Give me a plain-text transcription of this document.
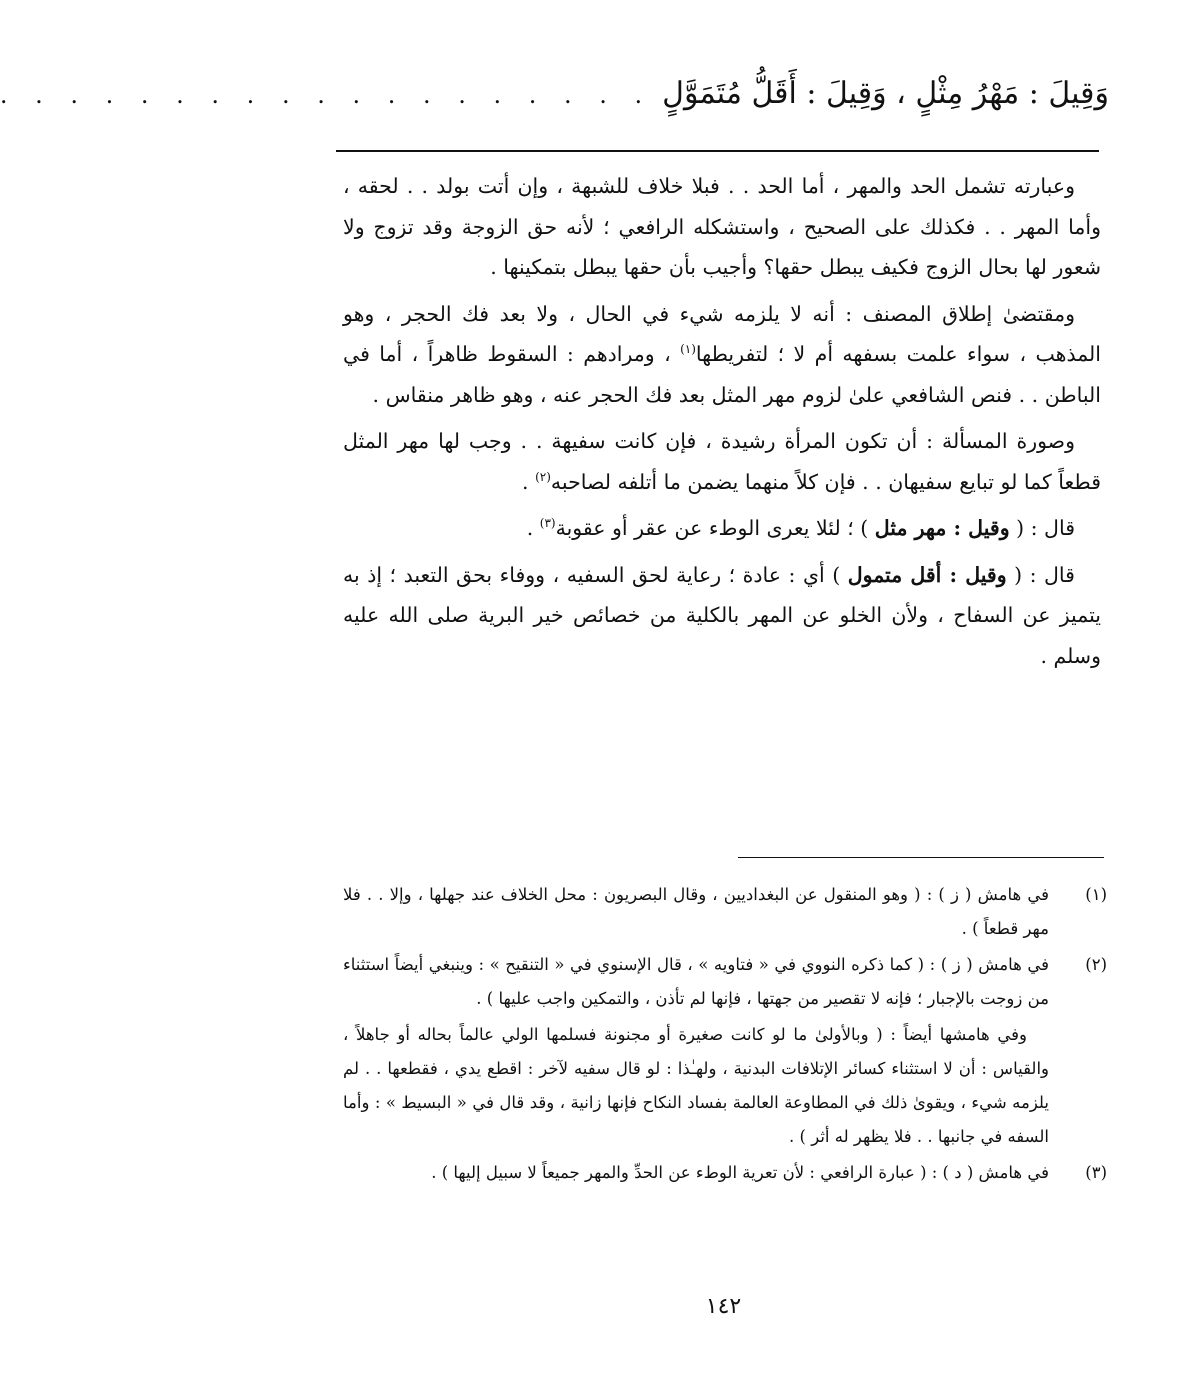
وَقِيلَ : مَهْرُ مِثْلٍ ، وَقِيلَ : أَقَلُّ مُتَمَوَّلٍ
. . . . . . . . . . . . . . . . . . .

وعبارته تشمل الحد والمهر ، أما الحد . . فبلا خلاف للشبهة ، وإن أتت بولد . . لحقه ، وأما المهر . . فكذلك على الصحيح ، واستشكله الرافعي ؛ لأنه حق الزوجة وقد تزوج ولا شعور لها بحال الزوج فكيف يبطل حقها؟ وأجيب بأن حقها يبطل بتمكينها .

ومقتضىٰ إطلاق المصنف : أنه لا يلزمه شيء في الحال ، ولا بعد فك الحجر ، وهو المذهب ، سواء علمت بسفهه أم لا ؛ لتفريطها$^{(١)}$ ، ومرادهم : السقوط ظاهراً ، أما في الباطن . . فنص الشافعي علىٰ لزوم مهر المثل بعد فك الحجر عنه ، وهو ظاهر منقاس .

وصورة المسألة : أن تكون المرأة رشيدة ، فإن كانت سفيهة . . وجب لها مهر المثل قطعاً كما لو تبايع سفيهان . . فإن كلاً منهما يضمن ما أتلفه لصاحبه$^{(٢)}$ .

قال : ( وقيل : مهر مثل ) ؛ لئلا يعرى الوطء عن عقر أو عقوبة$^{(٣)}$ .

قال : ( وقيل : أقل متمول ) أي : عادة ؛ رعاية لحق السفيه ، ووفاء بحق التعبد ؛ إذ به يتميز عن السفاح ، ولأن الخلو عن المهر بالكلية من خصائص خير البرية صلى الله عليه وسلم .

(١)
في هامش ( ز ) : ( وهو المنقول عن البغداديين ، وقال البصريون : محل الخلاف عند جهلها ، وإلا . . فلا مهر قطعاً ) .
(٢)
في هامش ( ز ) : ( كما ذكره النووي في « فتاويه » ، قال الإسنوي في « التنقيح » : وينبغي أيضاً استثناء من زوجت بالإجبار ؛ فإنه لا تقصير من جهتها ، فإنها لم تأذن ، والتمكين واجب عليها ) .
وفي هامشها أيضاً : ( وبالأولىٰ ما لو كانت صغيرة أو مجنونة فسلمها الولي عالماً بحاله أو جاهلاً ، والقياس : أن لا استثناء كسائر الإتلافات البدنية ، ولهـٰذا : لو قال سفيه لآخر : اقطع يدي ، فقطعها . . لم يلزمه شيء ، ويقوىٰ ذلك في المطاوعة العالمة بفساد النكاح فإنها زانية ، وقد قال في « البسيط » : وأما السفه في جانبها . . فلا يظهر له أثر ) .
(٣)
في هامش ( د ) : ( عبارة الرافعي : لأن تعرية الوطء عن الحدِّ والمهر جميعاً لا سبيل إليها ) .
١٤٢
